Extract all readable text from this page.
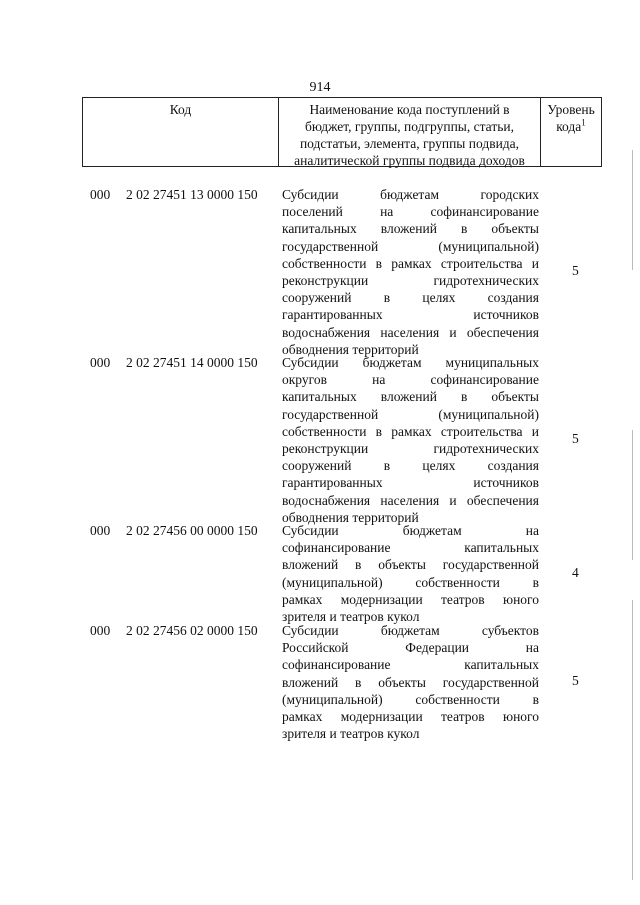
914
Код	Наименование кода поступлений в
бюджет, группы, подгруппы, статьи,
подстатьи, элемента, группы подвида,
аналитической группы подвида доходов
Уровень
кода$^1$
000 2 02 27451 13 0000 150 Субсидии бюджетам городских
поселений на софинансирование
капитальных вложений в объекты
государственной (муниципальной)
собственности в рамках строительства и
реконструкции гидротехнических
сооружений в целях создания
гарантированных источников
водоснабжения населения и обеспечения
обводнения территорий
5
000 2 02 27451 14 0000 150 Субсидии бюджетам муниципальных
округов на софинансирование
капитальных вложений в объекты
государственной (муниципальной)
собственности в рамках строительства и
реконструкции гидротехнических
сооружений в целях создания
гарантированных источников
водоснабжения населения и обеспечения
обводнения территорий
5
000 2 02 27456 00 0000 150 Субсидии бюджетам на
софинансирование капитальных
вложений в объекты государственной
(муниципальной) собственности в
рамках модернизации театров юного
зрителя и театров кукол
4
000 2 02 27456 02 0000 150 Субсидии бюджетам субъектов
Российской Федерации на
софинансирование капитальных
вложений в объекты государственной
(муниципальной) собственности в
рамках модернизации театров юного
зрителя и театров кукол
5
